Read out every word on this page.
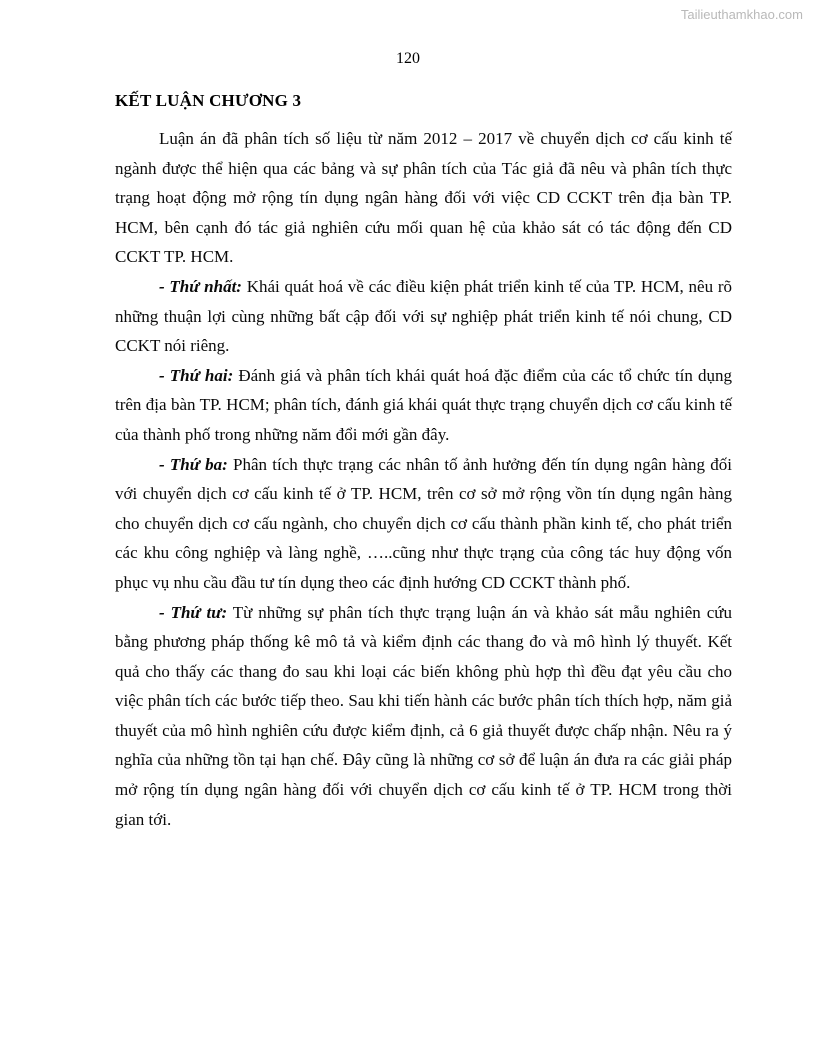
Tailieuthamkhao.com
120
KẾT LUẬN CHƯƠNG 3

Luận án đã phân tích số liệu từ năm 2012 – 2017 về chuyển dịch cơ cấu kinh tế ngành được thể hiện qua các bảng và sự phân tích của Tác giả đã nêu và phân tích thực trạng hoạt động mở rộng tín dụng ngân hàng đối với việc CD CCKT trên địa bàn TP. HCM, bên cạnh đó tác giả nghiên cứu mối quan hệ của khảo sát có tác động đến CD CCKT TP. HCM.

- Thứ nhất: Khái quát hoá về các điều kiện phát triển kinh tế của TP. HCM, nêu rõ những thuận lợi cùng những bất cập đối với sự nghiệp phát triển kinh tế nói chung, CD CCKT nói riêng.

- Thứ hai: Đánh giá và phân tích khái quát hoá đặc điểm của các tổ chức tín dụng trên địa bàn TP. HCM; phân tích, đánh giá khái quát thực trạng chuyển dịch cơ cấu kinh tế của thành phố trong những năm đổi mới gần đây.

- Thứ ba: Phân tích thực trạng các nhân tố ảnh hưởng đến tín dụng ngân hàng đối với chuyển dịch cơ cấu kinh tế ở TP. HCM, trên cơ sở mở rộng vồn tín dụng ngân hàng cho chuyển dịch cơ cấu ngành, cho chuyển dịch cơ cấu thành phần kinh tế, cho phát triển các khu công nghiệp và làng nghề, …..cũng như thực trạng của công tác huy động vốn phục vụ nhu cầu đầu tư tín dụng theo các định hướng CD CCKT thành phố.

- Thứ tư: Từ những sự phân tích thực trạng luận án và khảo sát mẫu nghiên cứu bằng phương pháp thống kê mô tả và kiểm định các thang đo và mô hình lý thuyết. Kết quả cho thấy các thang đo sau khi loại các biến không phù hợp thì đều đạt yêu cầu cho việc phân tích các bước tiếp theo. Sau khi tiến hành các bước phân tích thích hợp, năm giả thuyết của mô hình nghiên cứu được kiểm định, cả 6 giả thuyết được chấp nhận. Nêu ra ý nghĩa của những tồn tại hạn chế. Đây cũng là những cơ sở để luận án đưa ra các giải pháp mở rộng tín dụng ngân hàng đối với chuyển dịch cơ cấu kinh tế ở TP. HCM trong thời gian tới.
